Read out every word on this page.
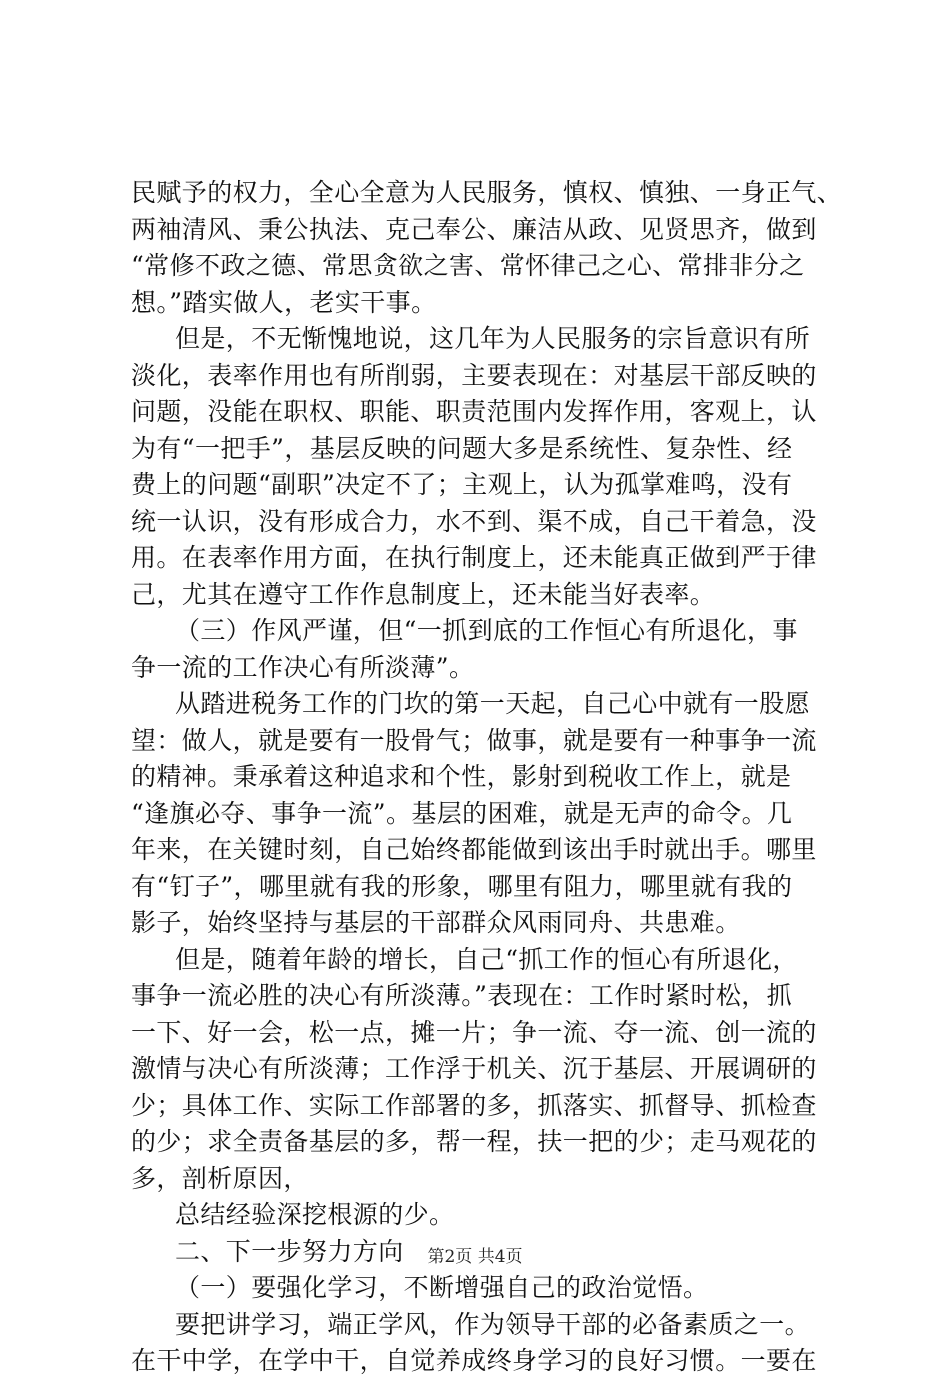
民赋予的权力，全心全意为人民服务，慎权、慎独、一身正气、
两袖清风、秉公执法、克己奉公、廉洁从政、见贤思齐，做到
“常修不政之德、常思贪欲之害、常怀律己之心、常排非分之
想。”踏实做人，老实干事。
但是，不无惭愧地说，这几年为人民服务的宗旨意识有所
淡化，表率作用也有所削弱，主要表现在：对基层干部反映的
问题，没能在职权、职能、职责范围内发挥作用，客观上，认
为有“一把手”，基层反映的问题大多是系统性、复杂性、经
费上的问题“副职”决定不了；主观上，认为孤掌难鸣，没有
统一认识，没有形成合力，水不到、渠不成，自己干着急，没
用。在表率作用方面，在执行制度上，还未能真正做到严于律
己，尤其在遵守工作作息制度上，还未能当好表率。
（三）作风严谨，但“一抓到底的工作恒心有所退化，事
争一流的工作决心有所淡薄”。
从踏进税务工作的门坎的第一天起，自己心中就有一股愿
望：做人，就是要有一股骨气；做事，就是要有一种事争一流
的精神。秉承着这种追求和个性，影射到税收工作上，就是
“逢旗必夺、事争一流”。基层的困难，就是无声的命令。几
年来，在关键时刻，自己始终都能做到该出手时就出手。哪里
有“钉子”，哪里就有我的形象，哪里有阻力，哪里就有我的
影子，始终坚持与基层的干部群众风雨同舟、共患难。
但是，随着年龄的增长，自己“抓工作的恒心有所退化，
事争一流必胜的决心有所淡薄。”表现在：工作时紧时松，抓
一下、好一会，松一点，摊一片；争一流、夺一流、创一流的
激情与决心有所淡薄；工作浮于机关、沉于基层、开展调研的
少；具体工作、实际工作部署的多，抓落实、抓督导、抓检查
的少；求全责备基层的多，帮一程，扶一把的少；走马观花的
多，剖析原因，
总结经验深挖根源的少。
二、下一步努力方向
（一）要强化学习，不断增强自己的政治觉悟。
要把讲学习，端正学风，作为领导干部的必备素质之一。
在干中学，在学中干，自觉养成终身学习的良好习惯。一要在
第2页 共4页
